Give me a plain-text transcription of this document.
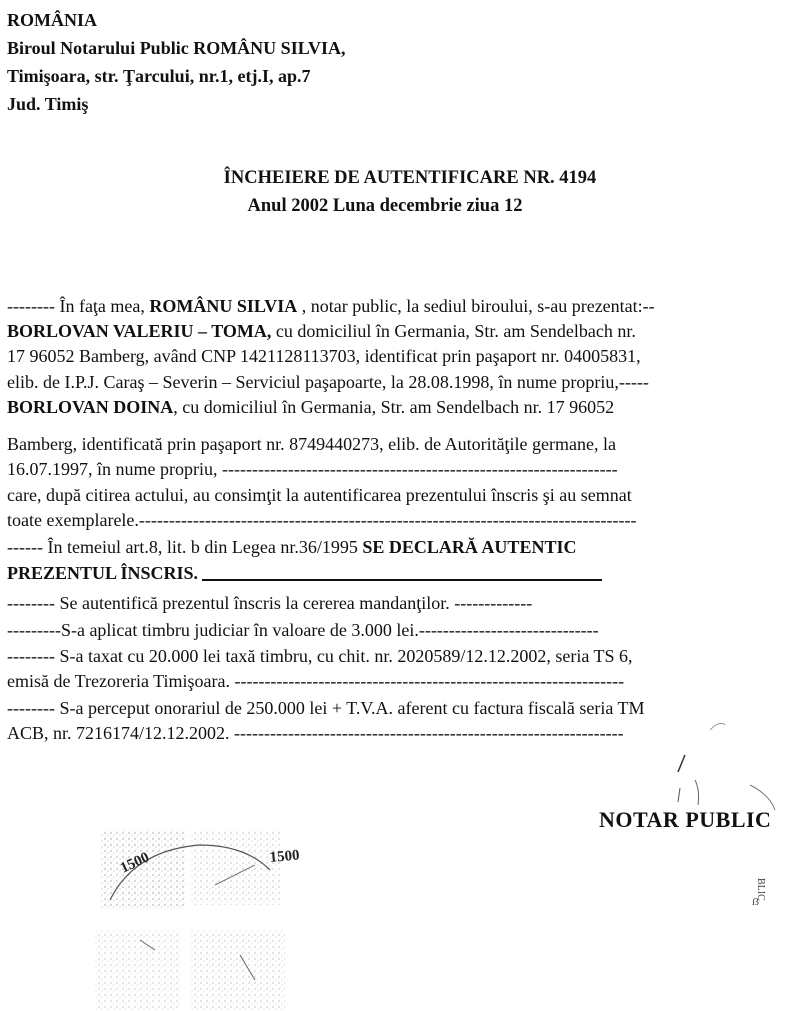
ROMÂNIA
Biroul Notarului Public ROMÂNU SILVIA,
Timişoara, str. Ţarcului, nr.1, etj.I, ap.7
Jud. Timiş
ÎNCHEIERE DE AUTENTIFICARE NR. 4194
Anul 2002 Luna decembrie ziua 12
-------- În faţa mea, ROMÂNU SILVIA , notar public, la sediul biroului, s-au prezentat:--
BORLOVAN VALERIU – TOMA, cu domiciliul în Germania, Str. am Sendelbach nr.
17 96052 Bamberg, având CNP 1421128113703, identificat prin paşaport nr. 04005831,
elib. de I.P.J. Caraş – Severin – Serviciul paşapoarte, la 28.08.1998, în nume propriu,-----
BORLOVAN DOINA, cu domiciliul în Germania, Str. am Sendelbach nr. 17 96052
Bamberg, identificată prin paşaport nr. 8749440273, elib. de Autorităţile germane, la
16.07.1997, în nume propriu, ------------------------------------------------------------------
care, după citirea actului, au consimţit la autentificarea prezentului înscris şi au semnat
toate exemplarele.-----------------------------------------------------------------------------------
------ În temeiul art.8, lit. b din Legea nr.36/1995 SE DECLARĂ AUTENTIC
PREZENTUL ÎNSCRIS.
-------- Se autentifică prezentul înscris la cererea mandanţilor. -------------
---------S-a aplicat timbru judiciar în valoare de 3.000 lei.------------------------------
-------- S-a taxat cu 20.000 lei taxă timbru, cu chit. nr. 2020589/12.12.2002, seria TS 6,
emisă de Trezoreria Timişoara. -----------------------------------------------------------------
-------- S-a perceput onorariul de 250.000 lei + T.V.A. aferent cu factura fiscală seria TM
ACB, nr. 7216174/12.12.2002. -----------------------------------------------------------------
NOTAR PUBLIC
BLIC
ẞ
1500	1500
